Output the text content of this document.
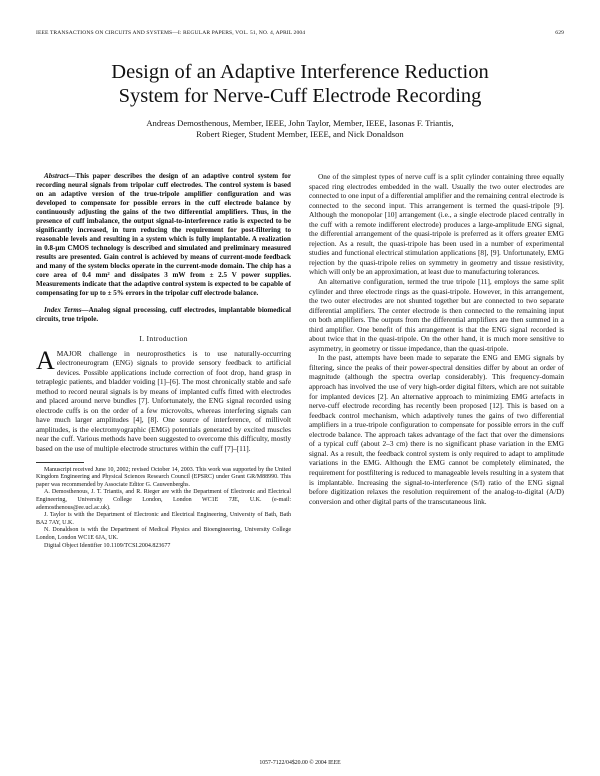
IEEE TRANSACTIONS ON CIRCUITS AND SYSTEMS—I: REGULAR PAPERS, VOL. 51, NO. 4, APRIL 2004	629
Design of an Adaptive Interference Reduction
System for Nerve-Cuff Electrode Recording
Andreas Demosthenous, Member, IEEE, John Taylor, Member, IEEE, Iasonas F. Triantis,
Robert Rieger, Student Member, IEEE, and Nick Donaldson

Abstract—This paper describes the design of an adaptive control system for recording neural signals from tripolar cuff electrodes. The control system is based on an adaptive version of the true-tripole amplifier configuration and was developed to compensate for possible errors in the cuff electrode balance by continuously adjusting the gains of the two differential amplifiers. Thus, in the presence of cuff imbalance, the output signal-to-interference ratio is expected to be significantly increased, in turn reducing the requirement for post-filtering to reasonable levels and resulting in a system which is fully implantable. A realization in 0.8-μm CMOS technology is described and simulated and preliminary measured results are presented. Gain control is achieved by means of current-mode feedback and many of the system blocks operate in the current-mode domain. The chip has a core area of 0.4 mm² and dissipates 3 mW from ± 2.5 V power supplies. Measurements indicate that the adaptive control system is expected to be capable of compensating for up to ± 5% errors in the tripolar cuff electrode balance.

Index Terms—Analog signal processing, cuff electrodes, implantable biomedical circuits, true tripole.

I. Introduction

AMAJOR challenge in neuroprosthetics is to use naturally-occurring electroneurogram (ENG) signals to provide sensory feedback to artificial devices. Possible applications include correction of foot drop, hand grasp in tetraplegic patients, and bladder voiding [1]–[6]. The most chronically stable and safe method to record neural signals is by means of implanted cuffs fitted with electrodes and placed around nerve bundles [7]. Unfortunately, the ENG signal recorded using electrode cuffs is on the order of a few microvolts, whereas interfering signals can have much larger amplitudes [4], [8]. One source of interference, of millivolt amplitudes, is the electromyographic (EMG) potentials generated by excited muscles near the cuff. Various methods have been suggested to overcome this difficulty, mostly based on the use of multiple electrode structures within the cuff [7]–[11].

Manuscript received June 10, 2002; revised October 14, 2003. This work was supported by the United Kingdom Engineering and Physical Sciences Research Council (EPSRC) under Grant GR/M88990. This paper was recommended by Associate Editor G. Cauwenberghs.

A. Demosthenous, J. T. Triantis, and R. Rieger are with the Department of Electronic and Electrical Engineering, University College London, London WC1E 7JE, U.K. (e-mail: ademosthenous@ee.ucl.ac.uk).

J. Taylor is with the Department of Electronic and Electrical Engineering, University of Bath, Bath BA2 7AY, U.K.

N. Donaldson is with the Department of Medical Physics and Bioengineering, University College London, London WC1E 6JA, UK.

Digital Object Identifier 10.1109/TCSI.2004.823677

One of the simplest types of nerve cuff is a split cylinder containing three equally spaced ring electrodes embedded in the wall. Usually the two outer electrodes are connected to one input of a differential amplifier and the remaining central electrode is connected to the second input. This arrangement is termed the quasi-tripole [9]. Although the monopolar [10] arrangement (i.e., a single electrode placed centrally in the cuff with a remote indifferent electrode) produces a large-amplitude ENG signal, the differential arrangement of the quasi-tripole is preferred as it offers greater EMG rejection. As a result, the quasi-tripole has been used in a number of experimental studies and functional electrical stimulation applications [8], [9]. Unfortunately, EMG rejection by the quasi-tripole relies on symmetry in geometry and tissue resistivity, which will only be an approximation, at least due to manufacturing tolerances.

An alternative configuration, termed the true tripole [11], employs the same split cylinder and three electrode rings as the quasi-tripole. However, in this arrangement, the two outer electrodes are not shunted together but are connected to two separate differential amplifiers. The center electrode is then connected to the remaining input on both amplifiers. The outputs from the differential amplifiers are then summed in a third amplifier. One benefit of this arrangement is that the ENG signal recorded is about twice that in the quasi-tripole. On the other hand, it is much more sensitive to asymmetry, in geometry or tissue impedance, than the quasi-tripole.

In the past, attempts have been made to separate the ENG and EMG signals by filtering, since the peaks of their power-spectral densities differ by about an order of magnitude (although the spectra overlap considerably). This frequency-domain approach has involved the use of very high-order digital filters, which are not suitable for implanted devices [2]. An alternative approach to minimizing EMG artefacts in nerve-cuff electrode recording has recently been proposed [12]. This is based on a feedback control mechanism, which adaptively tunes the gains of two differential amplifiers in a true-tripole configuration to compensate for possible errors in the cuff electrode balance. The approach takes advantage of the fact that over the dimensions of a typical cuff (about 2–3 cm) there is no significant phase variation in the EMG signal. As a result, the feedback control system is only required to adapt to amplitude variations in the EMG. Although the EMG cannot be completely eliminated, the requirement for postfiltering is reduced to manageable levels resulting in a system that is implantable. Increasing the signal-to-interference (S/I) ratio of the ENG signal before digitization relaxes the resolution requirement of the analog-to-digital (A/D) conversion and other digital parts of the transcutaneous link.

1057-7122/04$20.00 © 2004 IEEE
